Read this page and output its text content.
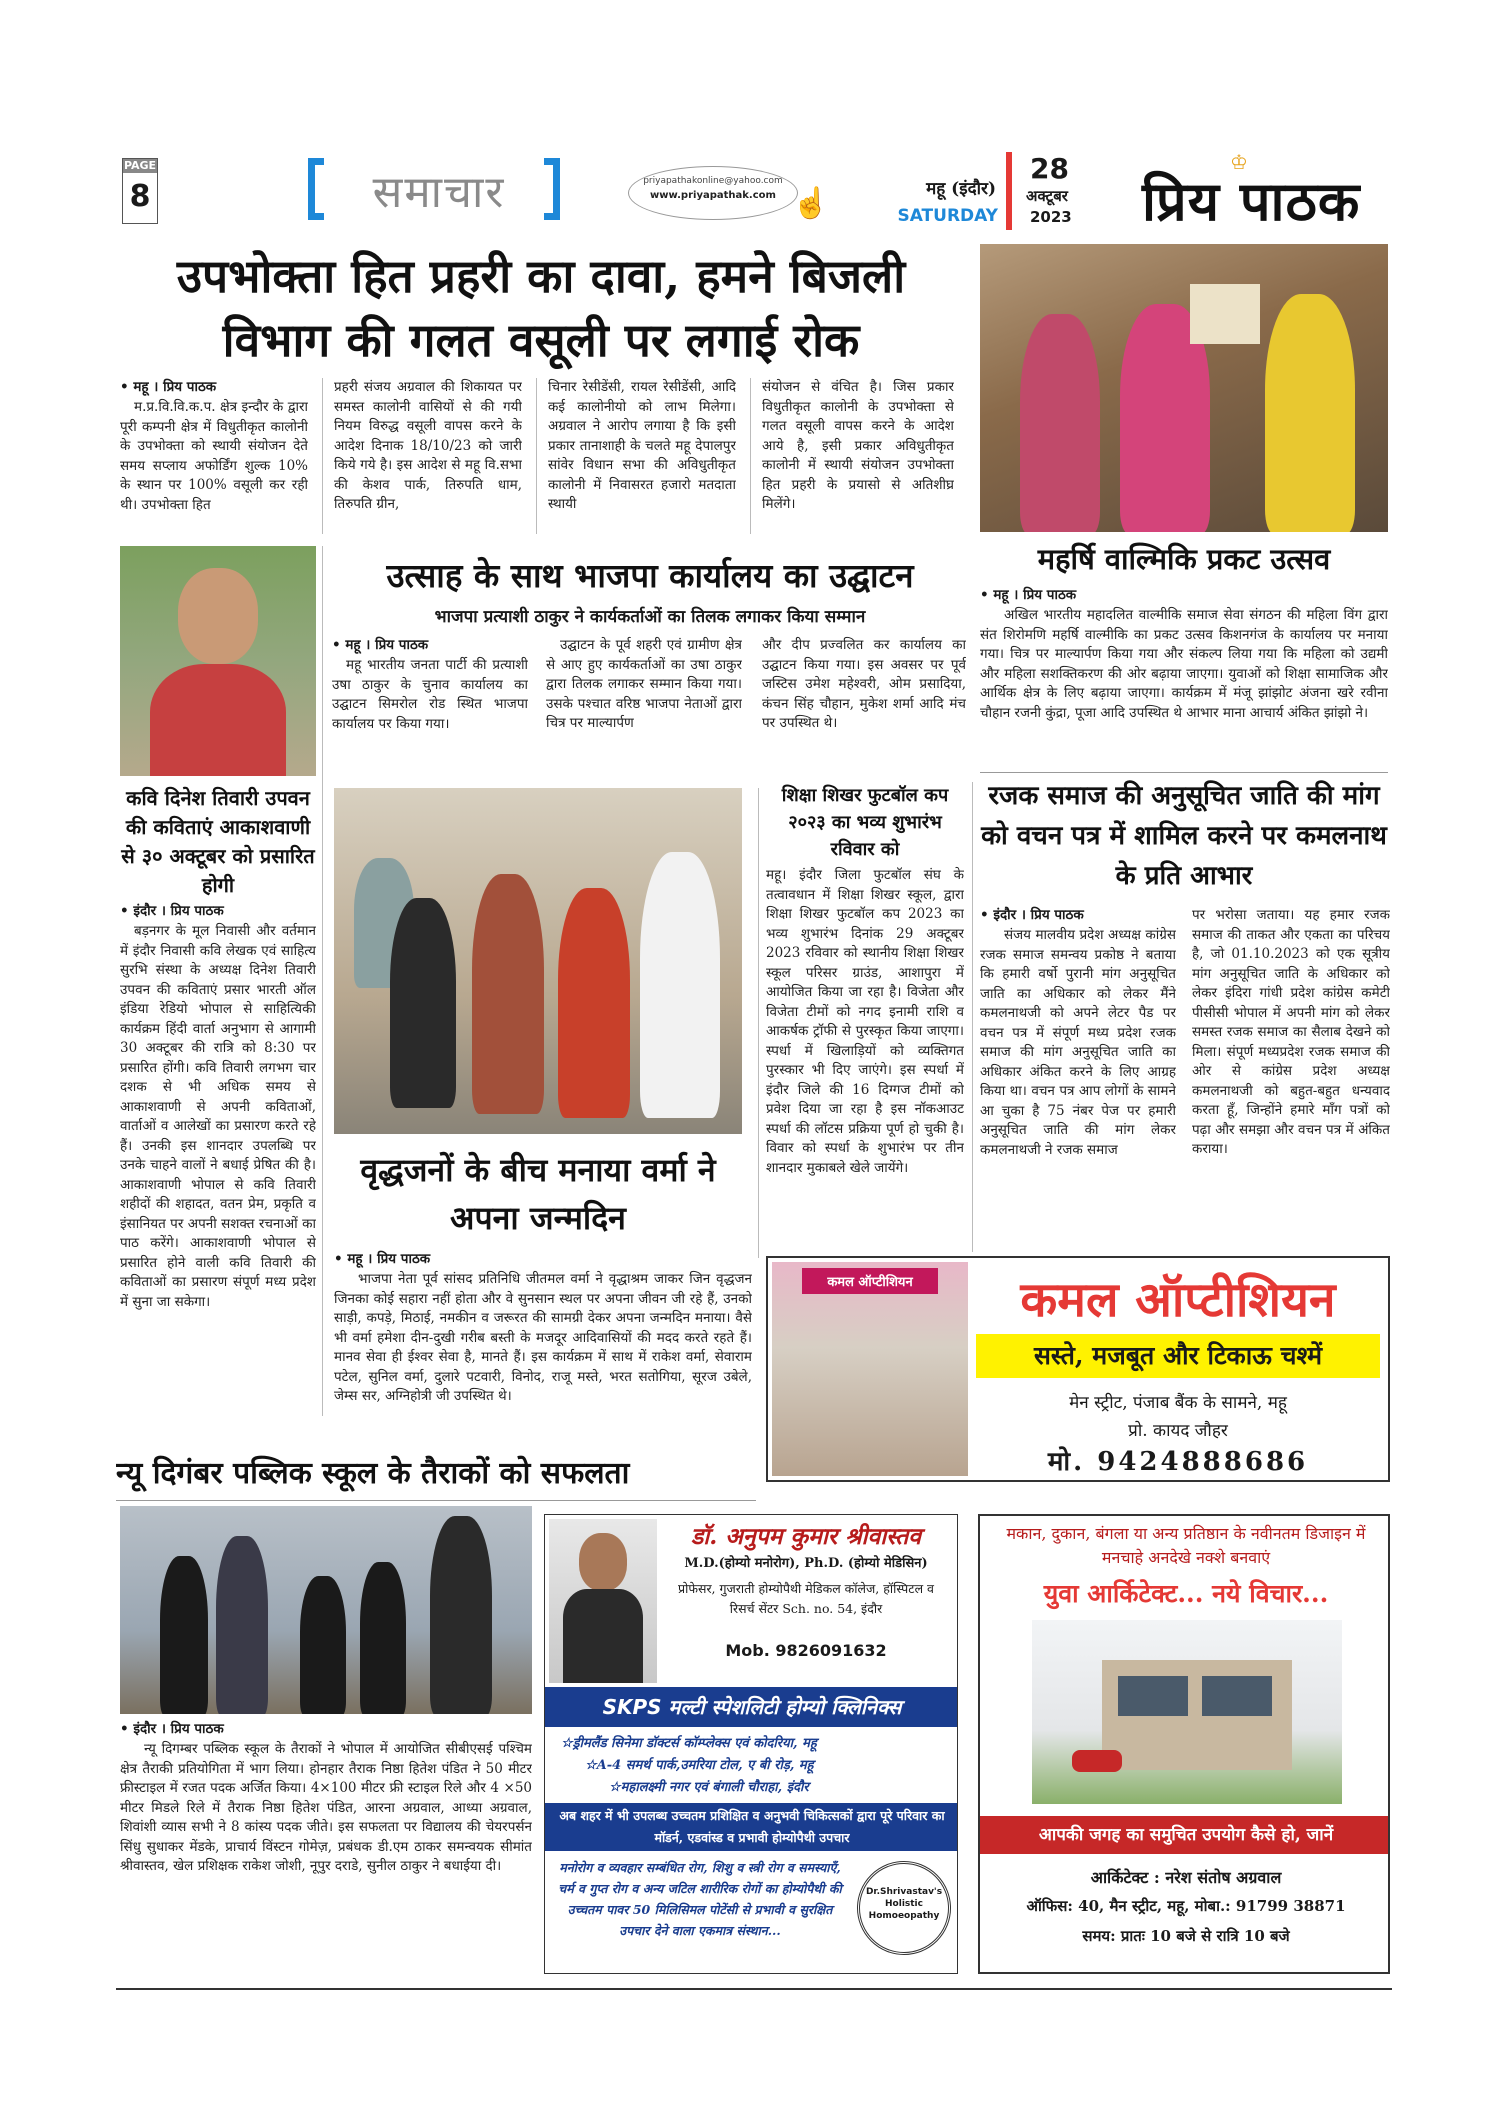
PAGE
8	समाचार	priyapathakonline@yahoo.com
www.priyapathak.com ☝	महू (इंदौर)
SATURDAY
28
अक्टूबर
2023 प्रिय पाठक
♔
उपभोक्ता हित प्रहरी का दावा, हमने बिजली विभाग की गलत वसूली पर लगाई रोक
• महू । प्रिय पाठक
म.प्र.वि.वि.क.प. क्षेत्र इन्दौर के द्वारा पूरी कम्पनी क्षेत्र में विधुतीकृत कालोनी के उपभोक्ता को स्थायी संयोजन देते समय सप्लाय अफोर्डिंग शुल्क 10% के स्थान पर 100% वसूली कर रही थी। उपभोक्ता हित
प्रहरी संजय अग्रवाल की शिकायत पर समस्त कालोनी वासियों से की गयी नियम विरुद्ध वसूली वापस करने के आदेश दिनाक 18/10/23 को जारी किये गये है। इस आदेश से महू वि.सभा की केशव पार्क, तिरुपति धाम, तिरुपति ग्रीन,
चिनार रेसीडेंसी, रायल रेसीडेंसी, आदि कई कालोनीयो को लाभ मिलेगा। अग्रवाल ने आरोप लगाया है कि इसी प्रकार तानाशाही के चलते महू देपालपुर सांवेर विधान सभा की अविधुतीकृत कालोनी में निवासरत हजारो मतदाता स्थायी
संयोजन से वंचित है। जिस प्रकार विधुतीकृत कालोनी के उपभोक्ता से गलत वसूली वापस करने के आदेश आये है, इसी प्रकार अविधुतीकृत कालोनी में स्थायी संयोजन उपभोक्ता हित प्रहरी के प्रयासो से अतिशीघ्र मिलेंगे।
महर्षि वाल्मिकि प्रकट उत्सव
• महू । प्रिय पाठक
अखिल भारतीय महादलित वाल्मीकि समाज सेवा संगठन की महिला विंग द्वारा संत शिरोमणि महर्षि वाल्मीकि का प्रकट उत्सव किशनगंज के कार्यालय पर मनाया गया। चित्र पर माल्यार्पण किया गया और संकल्प लिया गया कि महिला को उद्यमी और महिला सशक्तिकरण की ओर बढ़ाया जाएगा। युवाओं को शिक्षा सामाजिक और आर्थिक क्षेत्र के लिए बढ़ाया जाएगा। कार्यक्रम में मंजू झांझोट अंजना खरे रवीना चौहान रजनी कुंद्रा, पूजा आदि उपस्थित थे आभार माना आचार्य अंकित झांझो ने।
कवि दिनेश तिवारी उपवन की कविताएं आकाशवाणी से ३० अक्टूबर को प्रसारित होगी
• इंदौर । प्रिय पाठक
बड़नगर के मूल निवासी और वर्तमान में इंदौर निवासी कवि लेखक एवं साहित्य सुरभि संस्था के अध्यक्ष दिनेश तिवारी उपवन की कविताएं प्रसार भारती ऑल इंडिया रेडियो भोपाल से साहित्यिकी कार्यक्रम हिंदी वार्ता अनुभाग से आगामी 30 अक्टूबर की रात्रि को 8:30 पर प्रसारित होंगी। कवि तिवारी लगभग चार दशक से भी अधिक समय से आकाशवाणी से अपनी कविताओं, वार्ताओं व आलेखों का प्रसारण करते रहे हैं। उनकी इस शानदार उपलब्धि पर उनके चाहने वालों ने बधाई प्रेषित की है। आकाशवाणी भोपाल से कवि तिवारी शहीदों की शहादत, वतन प्रेम, प्रकृति व इंसानियत पर अपनी सशक्त रचनाओं का पाठ करेंगे। आकाशवाणी भोपाल से प्रसारित होने वाली कवि तिवारी की कविताओं का प्रसारण संपूर्ण मध्य प्रदेश में सुना जा सकेगा।
उत्साह के साथ भाजपा कार्यालय का उद्घाटन
भाजपा प्रत्याशी ठाकुर ने कार्यकर्ताओं का तिलक लगाकर किया सम्मान
• महू । प्रिय पाठक
महू भारतीय जनता पार्टी की प्रत्याशी उषा ठाकुर के चुनाव कार्यालय का उद्घाटन सिमरोल रोड स्थित भाजपा कार्यालय पर किया गया।
उद्घाटन के पूर्व शहरी एवं ग्रामीण क्षेत्र से आए हुए कार्यकर्ताओं का उषा ठाकुर द्वारा तिलक लगाकर सम्मान किया गया। उसके पश्चात वरिष्ठ भाजपा नेताओं द्वारा चित्र पर माल्यार्पण
और दीप प्रज्वलित कर कार्यालय का उद्घाटन किया गया। इस अवसर पर पूर्व जस्टिस उमेश महेश्वरी, ओम प्रसादिया, कंचन सिंह चौहान, मुकेश शर्मा आदि मंच पर उपस्थित थे।
वृद्धजनों के बीच मनाया वर्मा ने अपना जन्मदिन
• महू । प्रिय पाठक
भाजपा नेता पूर्व सांसद प्रतिनिधि जीतमल वर्मा ने वृद्धाश्रम जाकर जिन वृद्धजन जिनका कोई सहारा नहीं होता और वे सुनसान स्थल पर अपना जीवन जी रहे हैं, उनको साड़ी, कपड़े, मिठाई, नमकीन व जरूरत की सामग्री देकर अपना जन्मदिन मनाया। वैसे भी वर्मा हमेशा दीन-दुखी गरीब बस्ती के मजदूर आदिवासियों की मदद करते रहते हैं। मानव सेवा ही ईश्वर सेवा है, मानते हैं। इस कार्यक्रम में साथ में राकेश वर्मा, सेवाराम पटेल, सुनिल वर्मा, दुलारे पटवारी, विनोद, राजू मस्ते, भरत सतोगिया, सूरज उबेले, जेम्स सर, अग्निहोत्री जी उपस्थित थे।
शिक्षा शिखर फुटबॉल कप २०२३ का भव्य शुभारंभ रविवार को
महू। इंदौर जिला फुटबॉल संघ के तत्वावधान में शिक्षा शिखर स्कूल, द्वारा शिक्षा शिखर फुटबॉल कप 2023 का भव्य शुभारंभ दिनांक 29 अक्टूबर 2023 रविवार को स्थानीय शिक्षा शिखर स्कूल परिसर ग्राउंड, आशापुरा में आयोजित किया जा रहा है। विजेता और विजेता टीमों को नगद इनामी राशि व आकर्षक ट्रॉफी से पुरस्कृत किया जाएगा। स्पर्धा में खिलाड़ियों को व्यक्तिगत पुरस्कार भी दिए जाएंगे। इस स्पर्धा में इंदौर जिले की 16 दिग्गज टीमों को प्रवेश दिया जा रहा है इस नॉकआउट स्पर्धा की लॉटस प्रक्रिया पूर्ण हो चुकी है। विवार को स्पर्धा के शुभारंभ पर तीन शानदार मुकाबले खेले जायेंगे।
रजक समाज की अनुसूचित जाति की मांग को वचन पत्र में शामिल करने पर कमलनाथ के प्रति आभार
• इंदौर । प्रिय पाठक
संजय मालवीय प्रदेश अध्यक्ष कांग्रेस रजक समाज समन्वय प्रकोष्ठ ने बताया कि हमारी वर्षो पुरानी मांग अनुसूचित जाति का अधिकार को लेकर मैंने कमलनाथजी को अपने लेटर पैड पर वचन पत्र में संपूर्ण मध्य प्रदेश रजक समाज की मांग अनुसूचित जाति का अधिकार अंकित करने के लिए आग्रह किया था। वचन पत्र आप लोगों के सामने आ चुका है 75 नंबर पेज पर हमारी अनुसूचित जाति की मांग लेकर कमलनाथजी ने रजक समाज
पर भरोसा जताया। यह हमार रजक समाज की ताकत और एकता का परिचय है, जो 01.10.2023 को एक सूत्रीय मांग अनुसूचित जाति के अधिकार को लेकर इंदिरा गांधी प्रदेश कांग्रेस कमेटी पीसीसी भोपाल में अपनी मांग को लेकर समस्त रजक समाज का सैलाब देखने को मिला। संपूर्ण मध्यप्रदेश रजक समाज की ओर से कांग्रेस प्रदेश अध्यक्ष कमलनाथजी को बहुत-बहुत धन्यवाद करता हूँ, जिन्होंने हमारे माँग पत्रों को पढ़ा और समझा और वचन पत्र में अंकित कराया।
कमल ऑप्टीशियन	कमल ऑप्टीशियन
सस्ते, मजबूत और टिकाऊ चश्में
मेन स्ट्रीट, पंजाब बैंक के सामने, महू
प्रो. कायद जौहर
मो. 9424888686
न्यू दिगंबर पब्लिक स्कूल के तैराकों को सफलता
• इंदौर । प्रिय पाठक
न्यू दिगम्बर पब्लिक स्कूल के तैराकों ने भोपाल में आयोजित सीबीएसई पश्चिम क्षेत्र तैराकी प्रतियोगिता में भाग लिया। होनहार तैराक निष्ठा हितेश पंडित ने 50 मीटर फ्रीस्टाइल में रजत पदक अर्जित किया। 4×100 मीटर फ्री स्टाइल रिले और 4 ×50 मीटर मिडले रिले में तैराक निष्ठा हितेश पंडित, आरना अग्रवाल, आध्या अग्रवाल, शिवांशी व्यास सभी ने 8 कांस्य पदक जीते। इस सफलता पर विद्यालय की चेयरपर्सन सिंधु सुधाकर मेंडके, प्राचार्य विंस्टन गोमेज़, प्रबंधक डी.एम ठाकर समन्वयक सीमांत श्रीवास्तव, खेल प्रशिक्षक राकेश जोशी, नूपुर दराडे, सुनील ठाकुर ने बधाईया दी।
डॉ. अनुपम कुमार श्रीवास्तव
M.D.(होम्यो मनोरोग), Ph.D. (होम्यो मेडिसिन)
प्रोफेसर, गुजराती होम्योपैथी मेडिकल कॉलेज, हॉस्पिटल व रिसर्च सेंटर Sch. no. 54, इंदौर
Mob. 9826091632
SKPS मल्टी स्पेशलिटी होम्यो क्लिनिक्स
☆ड्रीमलैंड सिनेमा डॉक्टर्स कॉम्प्लेक्स एवं कोदरिया, महू
☆A-4 समर्थ पार्क,उमरिया टोल, ए बी रोड़, महू
☆महालक्ष्मी नगर एवं बंगाली चौराहा, इंदौर
अब शहर में भी उपलब्ध उच्चतम प्रशिक्षित व अनुभवी चिकित्सकों द्वारा पूरे परिवार का मॉडर्न, एडवांस्ड व प्रभावी होम्योपैथी उपचार
मनोरोग व व्यवहार सम्बंधित रोग, शिशु व स्त्री रोग व समस्याएँ, चर्म व गुप्त रोग व अन्य जटिल शारीरिक रोगों का होम्योपैथी की उच्चतम पावर 50 मिलिसिमल पोटेंसी से प्रभावी व सुरक्षित उपचार देने वाला एकमात्र संस्थान...
Dr.Shrivastav's Holistic Homoeopathy
मकान, दुकान, बंगला या अन्य प्रतिष्ठान के नवीनतम डिजाइन में मनचाहे अनदेखे नक्शे बनवाएं
युवा आर्किटेक्ट... नये विचार...
आपकी जगह का समुचित उपयोग कैसे हो, जानें
आर्किटेक्ट : नरेश संतोष अग्रवाल
ऑफिस: 40, मैन स्ट्रीट, महू, मोबा.: 91799 38871
समय: प्रातः 10 बजे से रात्रि 10 बजे
